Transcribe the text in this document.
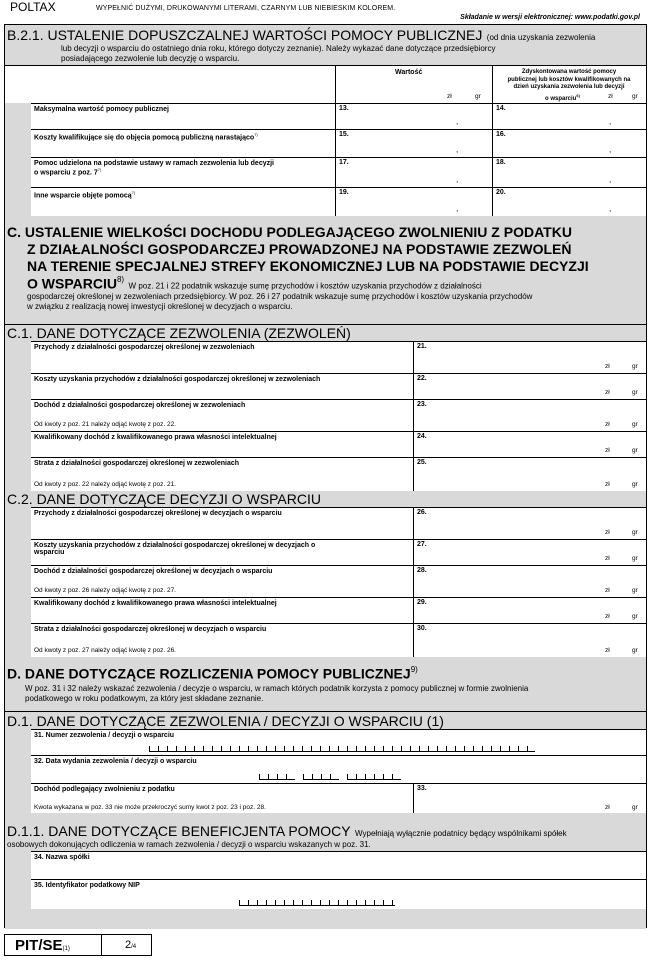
POLTAX	WYPEŁNIĆ DUŻYMI, DRUKOWANYMI LITERAMI, CZARNYM LUB NIEBIESKIM KOLOREM.
Składanie w wersji elektronicznej: www.podatki.gov.pl
B.2.1. USTALENIE DOPUSZCZALNEJ WARTOŚCI POMOCY PUBLICZNEJ (od dnia uzyskania zezwolenia
lub decyzji o wsparciu do ostatniego dnia roku, którego dotyczy zeznanie). Należy wykazać dane dotyczące przedsiębiorcy
posiadającego zezwolenie lub decyzję o wsparciu.
Wartość
zł	gr
Zdyskontowana wartość pomocy
publicznej lub kosztów kwalifikowanych na
dzień uzyskania zezwolenia lub decyzji
o wsparciu$^{6)}$	zł	gr
Maksymalna wartość pomocy publicznej	13.
,
14.
,
Koszty kwalifikujące się do objęcia pomocą publiczną narastająco$^{7)}$	15.
,
16.
,
Pomoc udzielona na podstawie ustawy w ramach zezwolenia lub decyzji
o wsparciu z poz. 7$^{7)}$
17.
,
18.
,
Inne wsparcie objęte pomocą$^{7)}$	19.
,
20.
,
C. USTALENIE WIELKOŚCI DOCHODU PODLEGAJĄCEGO ZWOLNIENIU Z PODATKU
Z DZIAŁALNOŚCI GOSPODARCZEJ PROWADZONEJ NA PODSTAWIE ZEZWOLEŃ
NA TERENIE SPECJALNEJ STREFY EKONOMICZNEJ LUB NA PODSTAWIE DECYZJI
O WSPARCIU$^{8)}$ W poz. 21 i 22 podatnik wskazuje sumę przychodów i kosztów uzyskania przychodów z działalności
gospodarczej określonej w zezwoleniach przedsiębiorcy. W poz. 26 i 27 podatnik wskazuje sumę przychodów i kosztów uzyskania przychodów
w związku z realizacją nowej inwestycji określonej w decyzjach o wsparciu.
C.1. DANE DOTYCZĄCE ZEZWOLENIA (ZEZWOLEŃ)
Przychody z działalności gospodarczej określonej w zezwoleniach	21.
zł	gr
Koszty uzyskania przychodów z działalności gospodarczej określonej w zezwoleniach	22.
zł	gr
Dochód z działalności gospodarczej określonej w zezwoleniach
Od kwoty z poz. 21 należy odjąć kwotę z poz. 22.
23.
zł	gr
Kwalifikowany dochód z kwalifikowanego prawa własności intelektualnej	24.
zł	gr
Strata z działalności gospodarczej określonej w zezwoleniach
Od kwoty z poz. 22 należy odjąć kwotę z poz. 21.
25.
zł	gr
C.2. DANE DOTYCZĄCE DECYZJI O WSPARCIU
Przychody z działalności gospodarczej określonej w decyzjach o wsparciu	26.
zł	gr
Koszty uzyskania przychodów z działalności gospodarczej określonej w decyzjach o
wsparciu
27.
zł	gr
Dochód z działalności gospodarczej określonej w decyzjach o wsparciu
Od kwoty z poz. 26 należy odjąć kwotę z poz. 27.
28.
zł	gr
Kwalifikowany dochód z kwalifikowanego prawa własności intelektualnej	29.
zł	gr
Strata z działalności gospodarczej określonej w decyzjach o wsparciu
Od kwoty z poz. 27 należy odjąć kwotę z poz. 26.
30.
zł	gr
D. DANE DOTYCZĄCE ROZLICZENIA POMOCY PUBLICZNEJ$^{9)}$
W poz. 31 i 32 należy wskazać zezwolenia / decyzje o wsparciu, w ramach których podatnik korzysta z pomocy publicznej w formie zwolnienia
podatkowego w roku podatkowym, za który jest składane zeznanie.
D.1. DANE DOTYCZĄCE ZEZWOLENIA / DECYZJI O WSPARCIU (1)
31. Numer zezwolenia / decyzji o wsparciu
32. Data wydania zezwolenia / decyzji o wsparciu
Dochód podlegający zwolnieniu z podatku
Kwota wykazana w poz. 33 nie może przekroczyć sumy kwot z poz. 23 i poz. 28.
33.
zł	gr
D.1.1. DANE DOTYCZĄCE BENEFICJENTA POMOCY Wypełniają wyłącznie podatnicy będący wspólnikami spółek
osobowych dokonujących odliczenia w ramach zezwolenia / decyzji o wsparciu wskazanych w poz. 31.
34. Nazwa spółki
35. Identyfikator podatkowy NIP
PIT/SE(1)	2/4
